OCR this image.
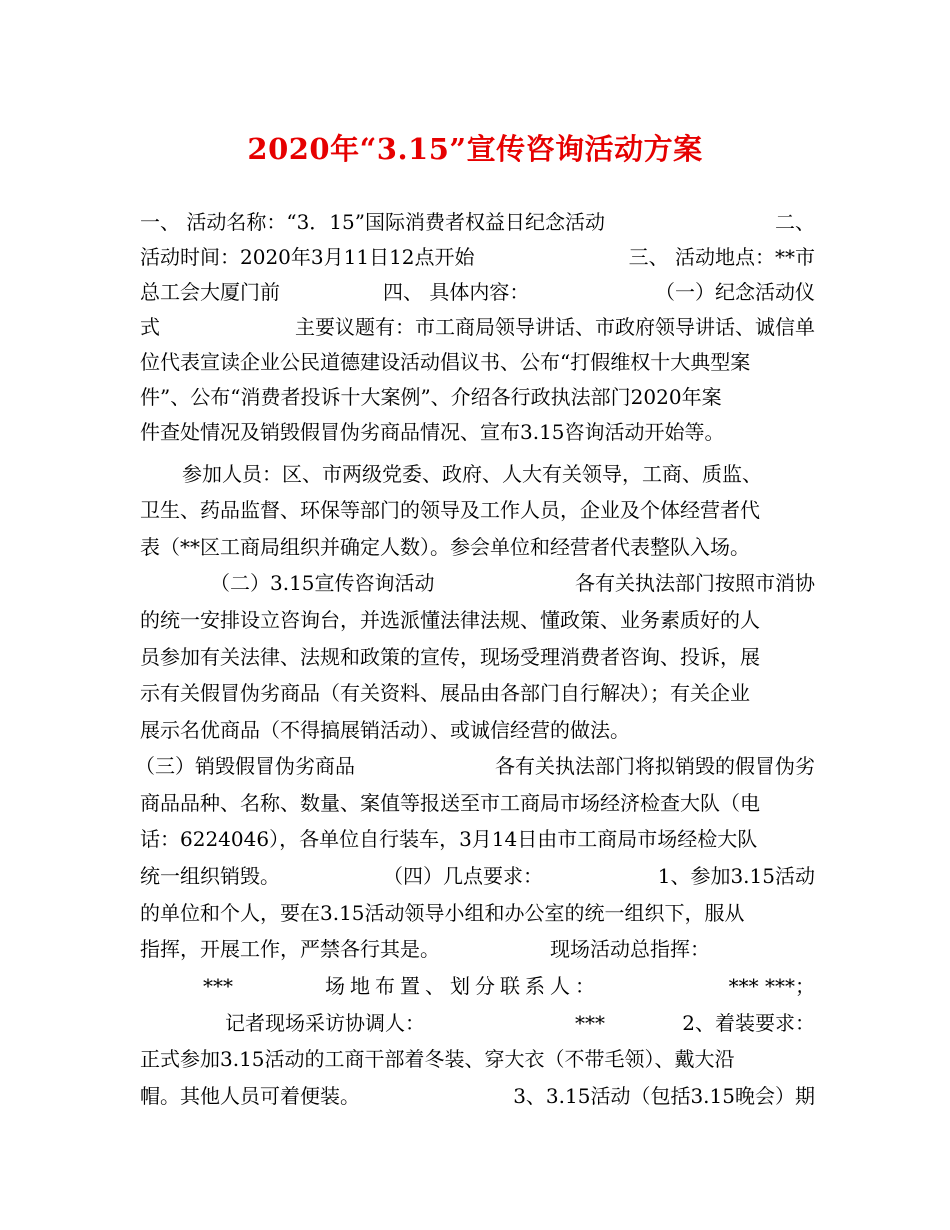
2020年“3.15”宣传咨询活动方案
一、 活动名称：“3．15”国际消费者权益日纪念活动	二、
活动时间：2020年3月11日12点开始	三、 活动地点：**市
总工会大厦门前	四、 具体内容：	（一）纪念活动仪
式	主要议题有：市工商局领导讲话、市政府领导讲话、诚信单
位代表宣读企业公民道德建设活动倡议书、公布“打假维权十大典型案
件”、公布“消费者投诉十大案例”、介绍各行政执法部门2020年案
件查处情况及销毁假冒伪劣商品情况、宣布3.15咨询活动开始等。
参加人员：区、市两级党委、政府、人大有关领导，工商、质监、
卫生、药品监督、环保等部门的领导及工作人员，企业及个体经营者代
表（**区工商局组织并确定人数）。参会单位和经营者代表整队入场。
（二）3.15宣传咨询活动	各有关执法部门按照市消协
的统一安排设立咨询台，并选派懂法律法规、懂政策、业务素质好的人
员参加有关法律、法规和政策的宣传，现场受理消费者咨询、投诉，展
示有关假冒伪劣商品（有关资料、展品由各部门自行解决）；有关企业
展示名优商品（不得搞展销活动）、或诚信经营的做法。
（三）销毁假冒伪劣商品	各有关执法部门将拟销毁的假冒伪劣
商品品种、名称、数量、案值等报送至市工商局市场经济检查大队（电
话：6224046），各单位自行装车，3月14日由市工商局市场经检大队
统一组织销毁。	（四）几点要求：	1、参加3.15活动
的单位和个人，要在3.15活动领导小组和办公室的统一组织下，服从
指挥，开展工作，严禁各行其是。	现场活动总指挥：
***	场地布置、划分联系人：	*** ***；
记者现场采访协调人：	***	2、着装要求：
正式参加3.15活动的工商干部着冬装、穿大衣（不带毛领）、戴大沿
帽。其他人员可着便装。	3、3.15活动（包括3.15晚会）期
